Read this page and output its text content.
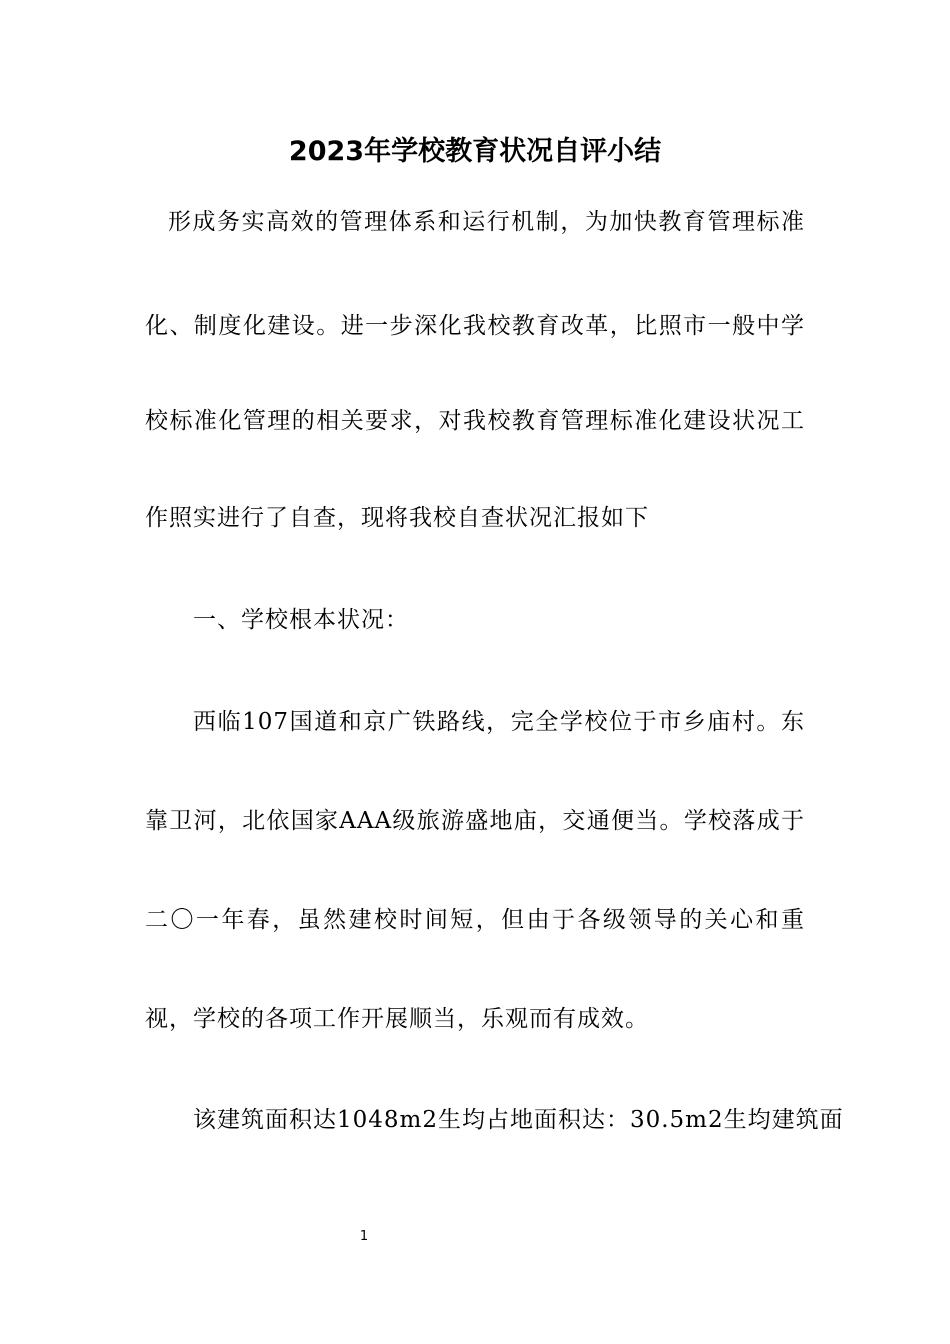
2023年学校教育状况自评小结
形成务实高效的管理体系和运行机制，为加快教育管理标准
化、制度化建设。进一步深化我校教育改革，比照市一般中学
校标准化管理的相关要求，对我校教育管理标准化建设状况工
作照实进行了自查，现将我校自查状况汇报如下
一、学校根本状况：
西临107国道和京广铁路线，完全学校位于市乡庙村。东
靠卫河，北依国家AAA级旅游盛地庙，交通便当。学校落成于
二〇一年春，虽然建校时间短，但由于各级领导的关心和重
视，学校的各项工作开展顺当，乐观而有成效。
该建筑面积达1048m2生均占地面积达：30.5m2生均建筑面
1
